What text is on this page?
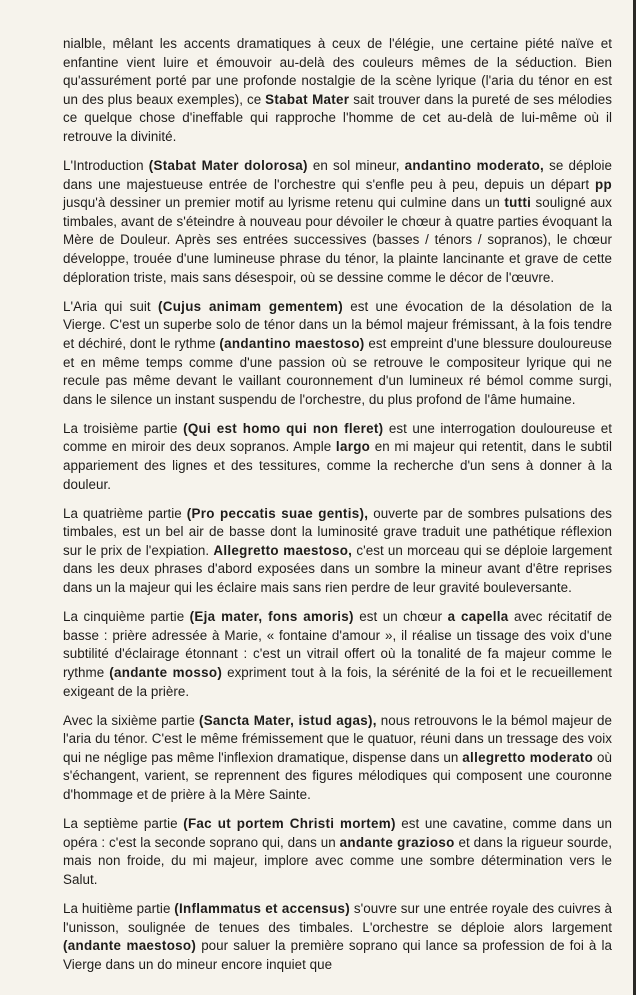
nialble, mêlant les accents dramatiques à ceux de l'élégie, une certaine piété naïve et enfantine vient luire et émouvoir au-delà des couleurs mêmes de la séduction. Bien qu'assurément porté par une profonde nostalgie de la scène lyrique (l'aria du ténor en est un des plus beaux exemples), ce Stabat Mater sait trouver dans la pureté de ses mélodies ce quelque chose d'ineffable qui rapproche l'homme de cet au-delà de lui-même où il retrouve la divinité.

L'Introduction (Stabat Mater dolorosa) en sol mineur, andantino moderato, se déploie dans une majestueuse entrée de l'orchestre qui s'enfle peu à peu, depuis un départ pp jusqu'à dessiner un premier motif au lyrisme retenu qui culmine dans un tutti souligné aux timbales, avant de s'éteindre à nouveau pour dévoiler le chœur à quatre parties évoquant la Mère de Douleur. Après ses entrées successives (basses / ténors / sopranos), le chœur développe, trouée d'une lumineuse phrase du ténor, la plainte lancinante et grave de cette déploration triste, mais sans désespoir, où se dessine comme le décor de l'œuvre.

L'Aria qui suit (Cujus animam gementem) est une évocation de la désolation de la Vierge. C'est un superbe solo de ténor dans un la bémol majeur frémissant, à la fois tendre et déchiré, dont le rythme (andantino maestoso) est empreint d'une blessure douloureuse et en même temps comme d'une passion où se retrouve le compositeur lyrique qui ne recule pas même devant le vaillant couronnement d'un lumineux ré bémol comme surgi, dans le silence un instant suspendu de l'orchestre, du plus profond de l'âme humaine.

La troisième partie (Qui est homo qui non fleret) est une interrogation douloureuse et comme en miroir des deux sopranos. Ample largo en mi majeur qui retentit, dans le subtil appariement des lignes et des tessitures, comme la recherche d'un sens à donner à la douleur.

La quatrième partie (Pro peccatis suae gentis), ouverte par de sombres pulsations des timbales, est un bel air de basse dont la luminosité grave traduit une pathétique réflexion sur le prix de l'expiation. Allegretto maestoso, c'est un morceau qui se déploie largement dans les deux phrases d'abord exposées dans un sombre la mineur avant d'être reprises dans un la majeur qui les éclaire mais sans rien perdre de leur gravité bouleversante.

La cinquième partie (Eja mater, fons amoris) est un chœur a capella avec récitatif de basse : prière adressée à Marie, « fontaine d'amour », il réalise un tissage des voix d'une subtilité d'éclairage étonnant : c'est un vitrail offert où la tonalité de fa majeur comme le rythme (andante mosso) expriment tout à la fois, la sérénité de la foi et le recueillement exigeant de la prière.

Avec la sixième partie (Sancta Mater, istud agas), nous retrouvons le la bémol majeur de l'aria du ténor. C'est le même frémissement que le quatuor, réuni dans un tressage des voix qui ne néglige pas même l'inflexion dramatique, dispense dans un allegretto moderato où s'échangent, varient, se reprennent des figures mélodiques qui composent une couronne d'hommage et de prière à la Mère Sainte.

La septième partie (Fac ut portem Christi mortem) est une cavatine, comme dans un opéra : c'est la seconde soprano qui, dans un andante grazioso et dans la rigueur sourde, mais non froide, du mi majeur, implore avec comme une sombre détermination vers le Salut.

La huitième partie (Inflammatus et accensus) s'ouvre sur une entrée royale des cuivres à l'unisson, soulignée de tenues des timbales. L'orchestre se déploie alors largement (andante maestoso) pour saluer la première soprano qui lance sa profession de foi à la Vierge dans un do mineur encore inquiet que
